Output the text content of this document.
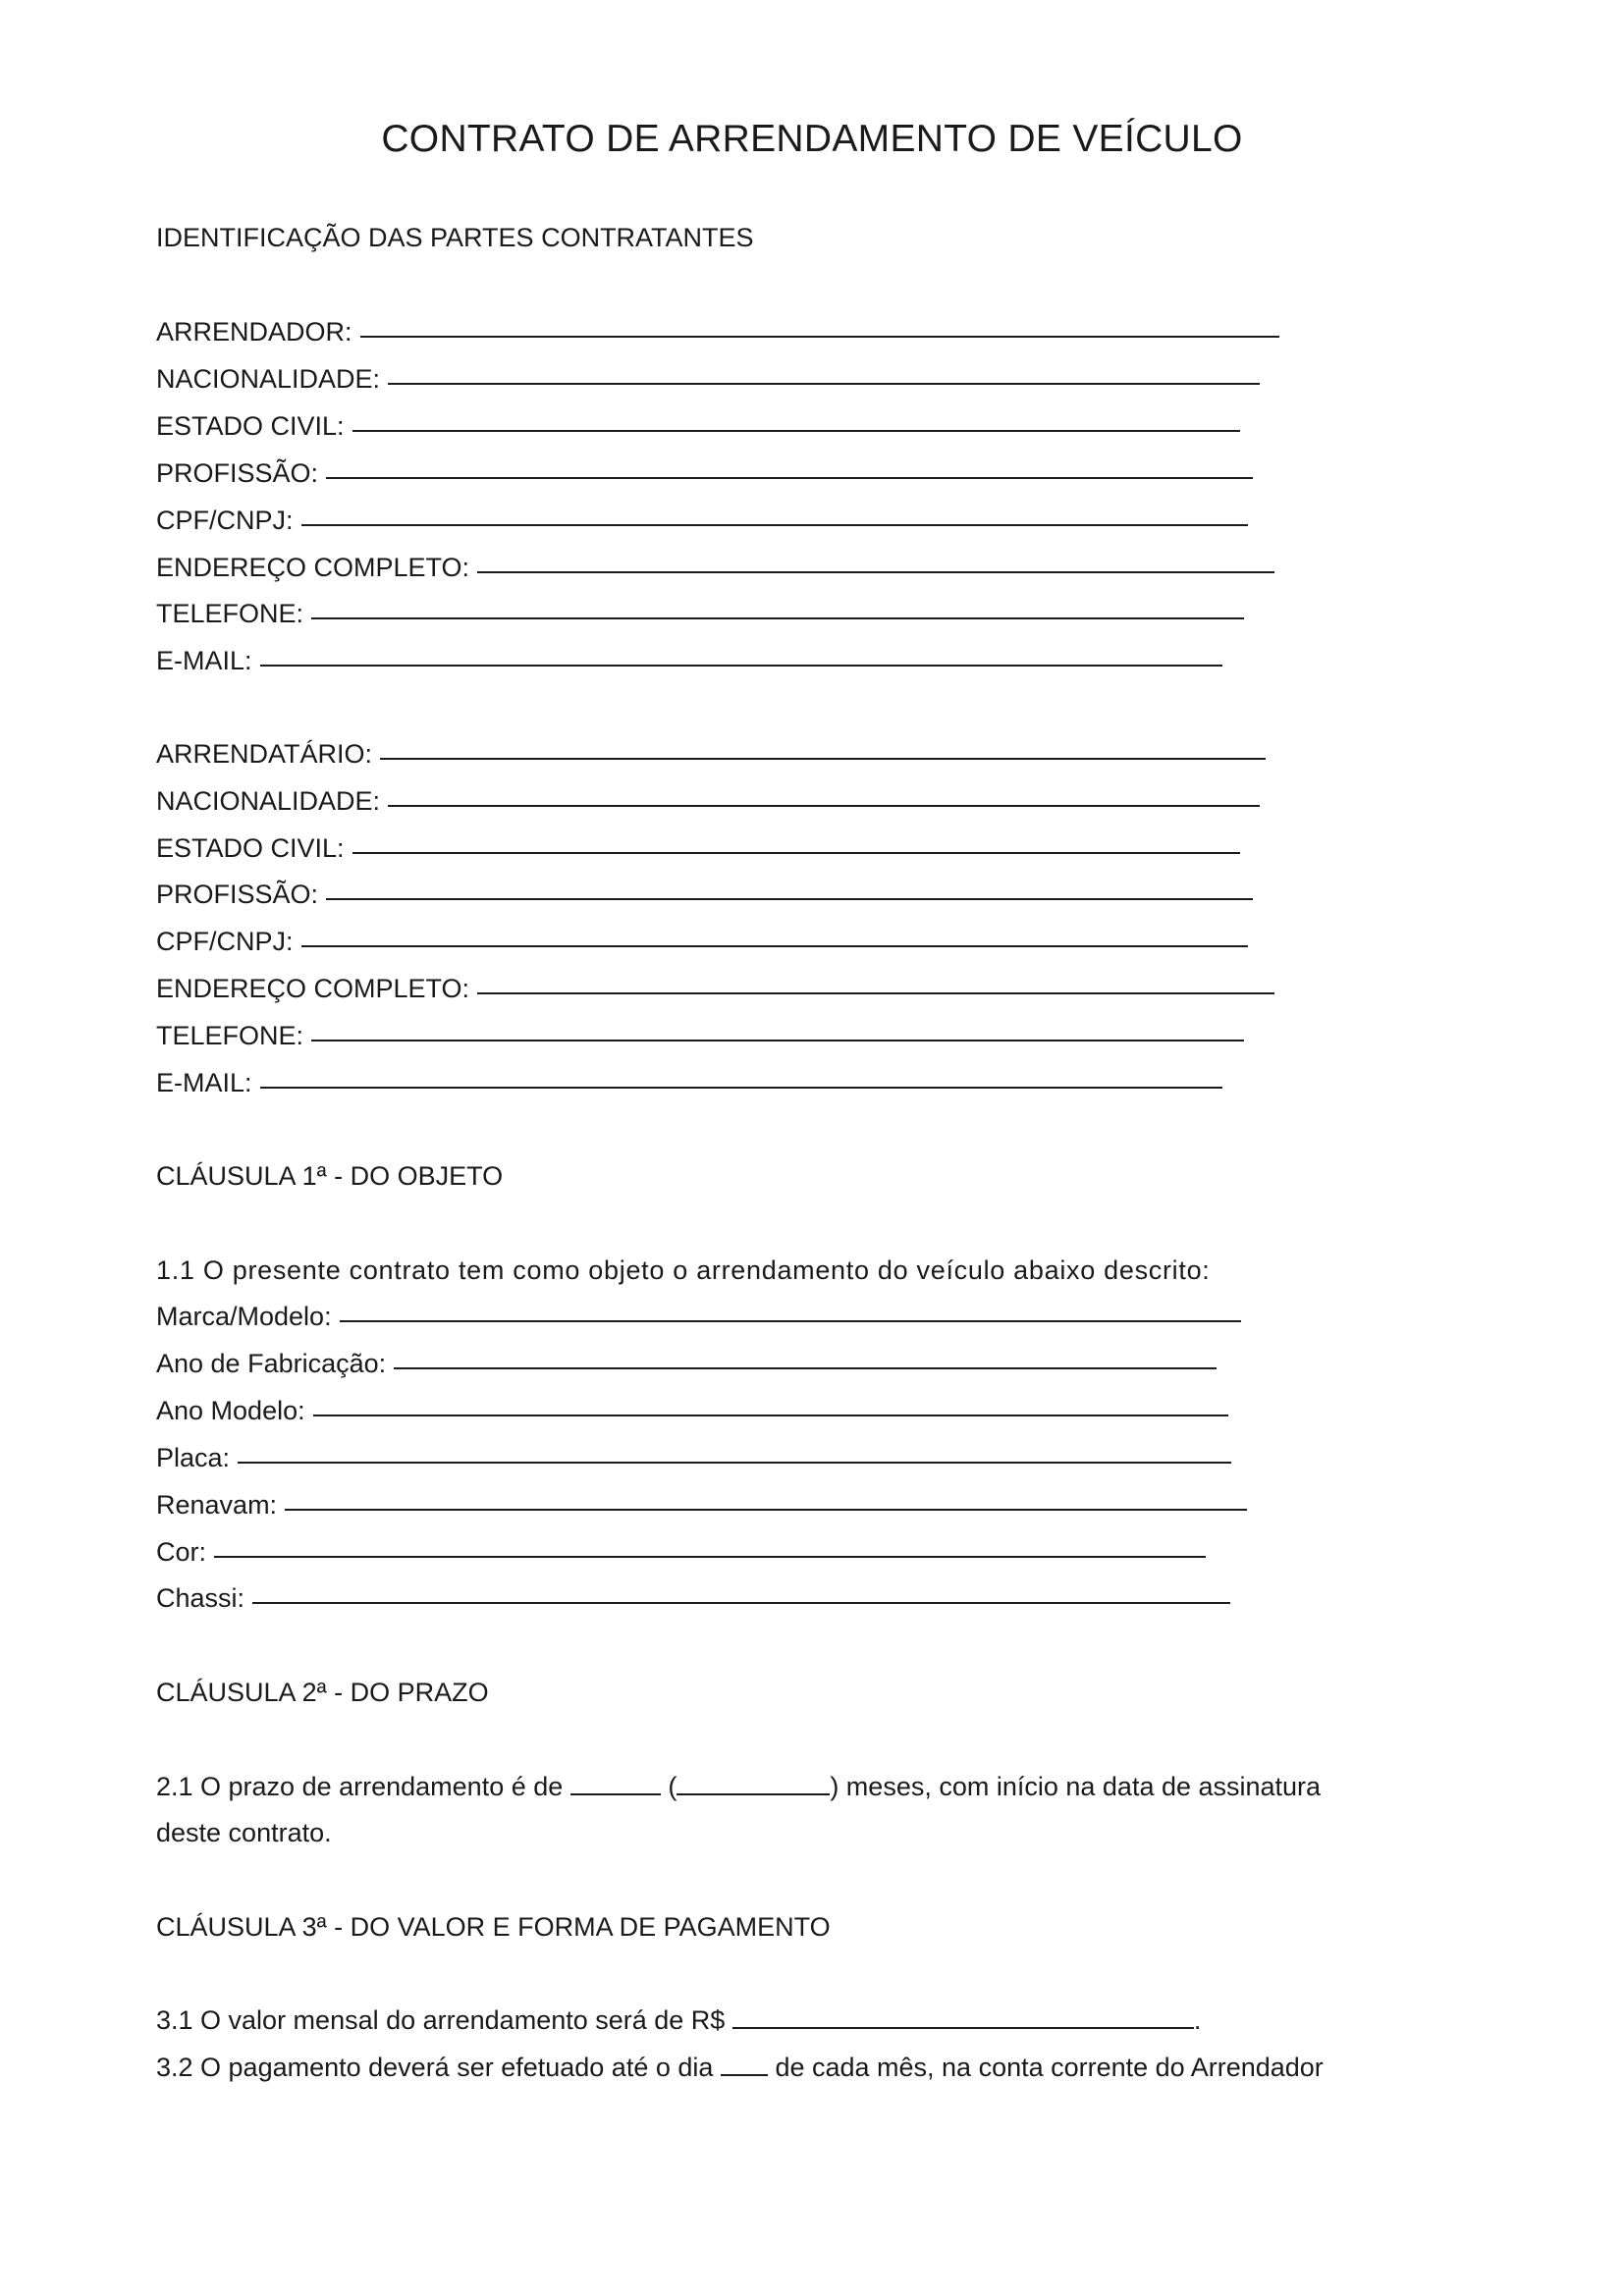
CONTRATO DE ARRENDAMENTO DE VEÍCULO

IDENTIFICAÇÃO DAS PARTES CONTRATANTES

ARRENDADOR:
NACIONALIDADE:
ESTADO CIVIL:
PROFISSÃO:
CPF/CNPJ:
ENDEREÇO COMPLETO:
TELEFONE:
E-MAIL:
ARRENDATÁRIO:
NACIONALIDADE:
ESTADO CIVIL:
PROFISSÃO:
CPF/CNPJ:
ENDEREÇO COMPLETO:
TELEFONE:
E-MAIL:

CLÁUSULA 1ª - DO OBJETO

1.1 O presente contrato tem como objeto o arrendamento do veículo abaixo descrito:

Marca/Modelo:
Ano de Fabricação:
Ano Modelo:
Placa:
Renavam:
Cor:
Chassi:

CLÁUSULA 2ª - DO PRAZO

2.1 O prazo de arrendamento é de	(	) meses, com início na data de assinatura

deste contrato.

CLÁUSULA 3ª - DO VALOR E FORMA DE PAGAMENTO

3.1 O valor mensal do arrendamento será de R$	.

3.2 O pagamento deverá ser efetuado até o dia de cada mês, na conta corrente do Arrendador
